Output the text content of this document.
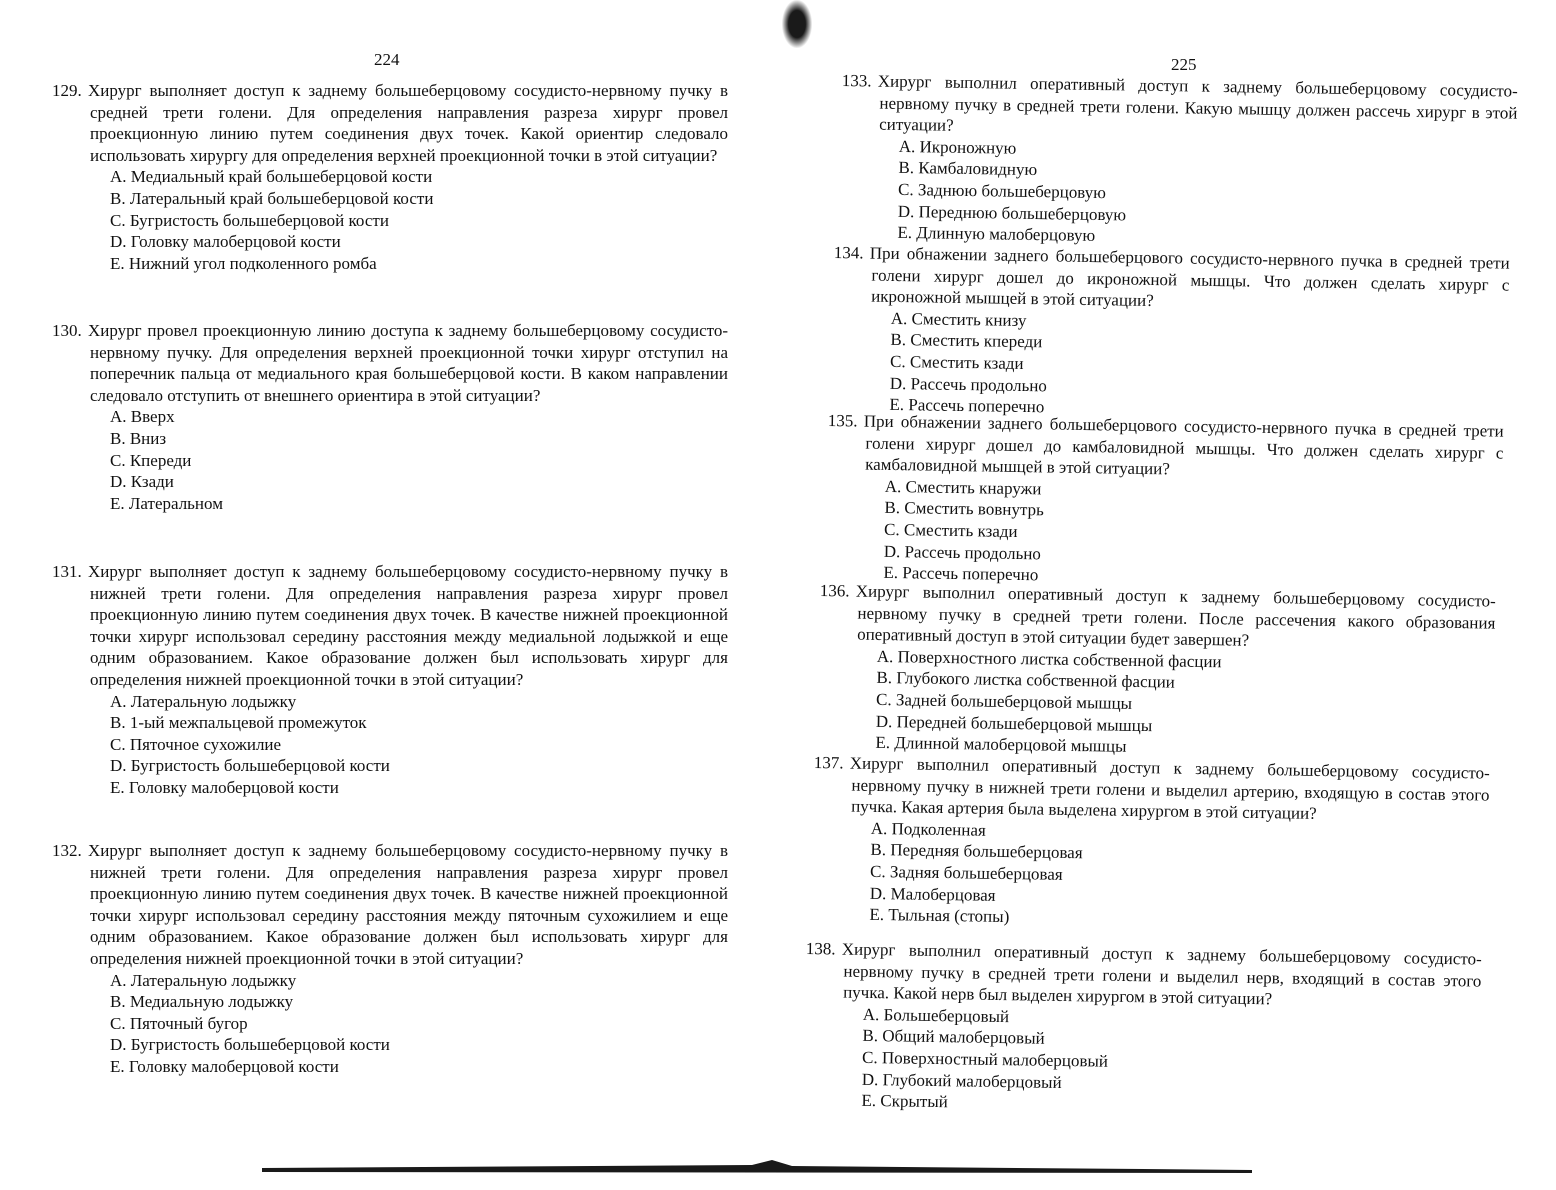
224

129. Хирург выполняет доступ к заднему большеберцовому сосудисто-нервному пучку в средней трети голени. Для определения направления разреза хирург провел проекционную линию путем соединения двух точек. Какой ориентир следовало использовать хирургу для определения верхней проекционной точки в этой ситуации?

А. Медиальный край большеберцовой кости
В. Латеральный край большеберцовой кости
С. Бугристость большеберцовой кости
D. Головку малоберцовой кости
Е. Нижний угол подколенного ромба

130. Хирург провел проекционную линию доступа к заднему большеберцовому сосудисто-нервному пучку. Для определения верхней проекционной точки хирург отступил на поперечник пальца от медиального края большеберцовой кости. В каком направлении следовало отступить от внешнего ориентира в этой ситуации?

А. Вверх
В. Вниз
С. Кпереди
D. Кзади
Е. Латеральном

131. Хирург выполняет доступ к заднему большеберцовому сосудисто-нервному пучку в нижней трети голени. Для определения направления разреза хирург провел проекционную линию путем соединения двух точек. В качестве нижней проекционной точки хирург использовал середину расстояния между медиальной лодыжкой и еще одним образованием. Какое образование должен был использовать хирург для определения нижней проекционной точки в этой ситуации?

А. Латеральную лодыжку
В. 1-ый межпальцевой промежуток
С. Пяточное сухожилие
D. Бугристость большеберцовой кости
Е. Головку малоберцовой кости

132. Хирург выполняет доступ к заднему большеберцовому сосудисто-нервному пучку в нижней трети голени. Для определения направления разреза хирург провел проекционную линию путем соединения двух точек. В качестве нижней проекционной точки хирург использовал середину расстояния между пяточным сухожилием и еще одним образованием. Какое образование должен был использовать хирург для определения нижней проекционной точки в этой ситуации?

А. Латеральную лодыжку
В. Медиальную лодыжку
С. Пяточный бугор
D. Бугристость большеберцовой кости
Е. Головку малоберцовой кости
225

133. Хирург выполнил оперативный доступ к заднему большеберцовому сосудисто-нервному пучку в средней трети голени. Какую мышцу должен рассечь хирург в этой ситуации?

А. Икроножную
В. Камбаловидную
С. Заднюю большеберцовую
D. Переднюю большеберцовую
Е. Длинную малоберцовую

134. При обнажении заднего большеберцового сосудисто-нервного пучка в средней трети голени хирург дошел до икроножной мышцы. Что должен сделать хирург с икроножной мышцей в этой ситуации?

А. Сместить книзу
В. Сместить кпереди
С. Сместить кзади
D. Рассечь продольно
Е. Рассечь поперечно

135. При обнажении заднего большеберцового сосудисто-нервного пучка в средней трети голени хирург дошел до камбаловидной мышцы. Что должен сделать хирург с камбаловидной мышцей в этой ситуации?

А. Сместить кнаружи
В. Сместить вовнутрь
С. Сместить кзади
D. Рассечь продольно
Е. Рассечь поперечно

136. Хирург выполнил оперативный доступ к заднему большеберцовому сосудисто-нервному пучку в средней трети голени. После рассечения какого образования оперативный доступ в этой ситуации будет завершен?

А. Поверхностного листка собственной фасции
В. Глубокого листка собственной фасции
С. Задней большеберцовой мышцы
D. Передней большеберцовой мышцы
Е. Длинной малоберцовой мышцы

137. Хирург выполнил оперативный доступ к заднему большеберцовому сосудисто-нервному пучку в нижней трети голени и выделил артерию, входящую в состав этого пучка. Какая артерия была выделена хирургом в этой ситуации?

А. Подколенная
В. Передняя большеберцовая
С. Задняя большеберцовая
D. Малоберцовая
Е. Тыльная (стопы)

138. Хирург выполнил оперативный доступ к заднему большеберцовому сосудисто-нервному пучку в средней трети голени и выделил нерв, входящий в состав этого пучка. Какой нерв был выделен хирургом в этой ситуации?

А. Большеберцовый
В. Общий малоберцовый
С. Поверхностный малоберцовый
D. Глубокий малоберцовый
Е. Скрытый
